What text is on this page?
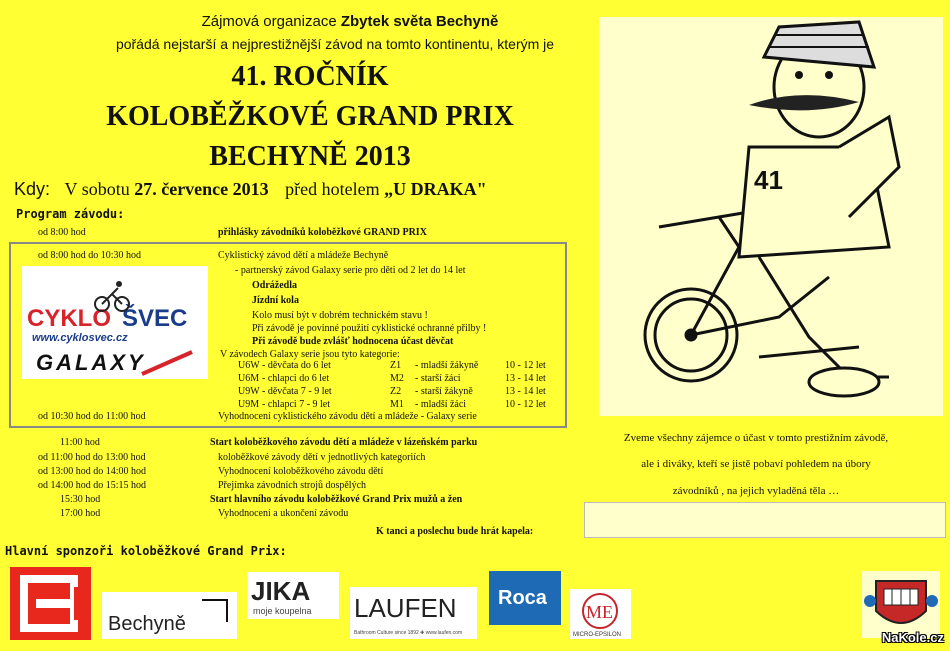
Zájmová organizace Zbytek světa Bechyně
pořádá nejstarší a nejprestižnější závod na tomto kontinentu, kterým je
41. ROČNÍK
KOLOBĚŽKOVÉ GRAND PRIX
BECHYNĚ 2013
Kdy: V sobotu 27. července 2013 před hotelem „U DRAKA"
Program závodu:
CYKLO ŠVEC
www.cyklosvec.cz
GALAXY
od 8:00 hod	přihlášky závodníků koloběžkové GRAND PRIX
od 8:00 hod do 10:30 hod	Cyklistický závod dětí a mládeže Bechyně
- partnerský závod Galaxy serie pro děti od 2 let do 14 let
Odrážedla
Jízdní kola
Kolo musí být v dobrém technickém stavu !
Při závodě je povinné použití cyklistické ochranné přilby !
Při závodě bude zvlášť hodnocena účast děvčat
V závodech Galaxy serie jsou tyto kategorie:
od 10:30 hod do 11:00 hod	Vyhodnocení cyklistického závodu dětí a mládeže - Galaxy serie
11:00 hod	Start koloběžkového závodu dětí a mládeže v lázeňském parku
od 11:00 hod do 13:00 hod	koloběžkové závody dětí v jednotlivých kategoriích
od 13:00 hod do 14:00 hod	Vyhodnocení koloběžkového závodu dětí
od 14:00 hod do 15:15 hod	Přejímka závodních strojů dospělých
15:30 hod	Start hlavního závodu koloběžkové Grand Prix mužů a žen
17:00 hod	Vyhodnocení a ukončení závodu
U6W - děvčata do 6 let	Z1 - mladší žákyně	10 - 12 let
U6M - chlapci do 6 let	M2 - starší žáci	13 - 14 let
U9W - děvčata 7 - 9 let	Z2 - starší žákyně	13 - 14 let
U9M - chlapci 7 - 9 let	M1 - mladší žáci	10 - 12 let
K tanci a poslechu bude hrát kapela:
41
Zveme všechny zájemce o účast v tomto prestižním závodě,
ale i diváky, kteří se jistě pobaví pohledem na úbory
závodníků , na jejich vyladěná těla …
Hlavní sponzoři koloběžkové Grand Prix:
Bechyně
JIKA
moje koupelna LAUFEN
Bathroom Culture since 1892 ✚ www.laufen.com
Roca
ME
MICRO-EPSILON	NaKole.cz
